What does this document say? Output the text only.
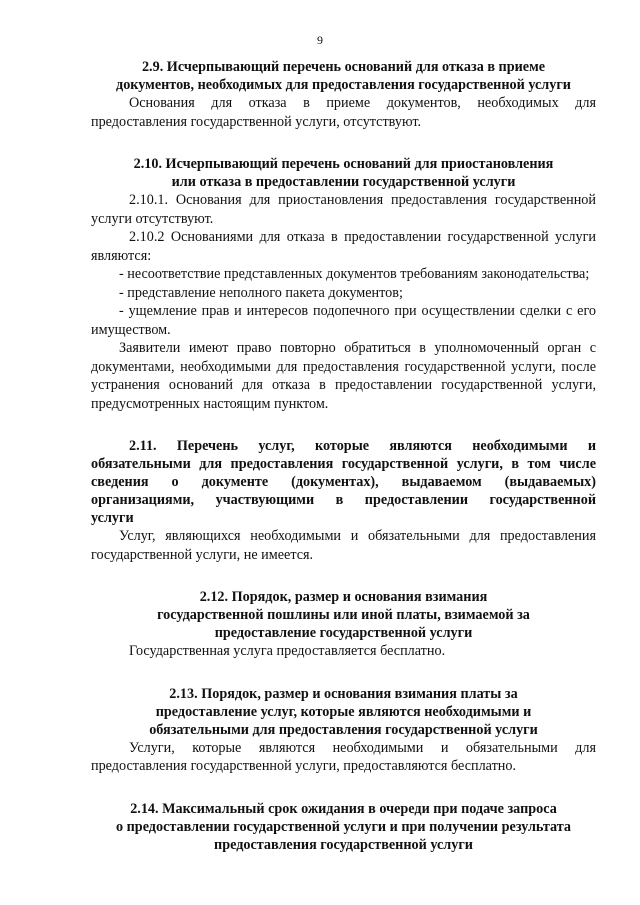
9
2.9. Исчерпывающий перечень оснований для отказа в приеме
документов, необходимых для предоставления государственной услуги

Основания для отказа в приеме документов, необходимых для предоставления государственной услуги, отсутствуют.

2.10. Исчерпывающий перечень оснований для приостановления
или отказа в предоставлении государственной услуги

2.10.1. Основания для приостановления предоставления государственной услуги отсутствуют.

2.10.2 Основаниями для отказа в предоставлении государственной услуги являются:

- несоответствие представленных документов требованиям законодательства;

- представление неполного пакета документов;

- ущемление прав и интересов подопечного при осуществлении сделки с его имуществом.

Заявители имеют право повторно обратиться в уполномоченный орган с документами, необходимыми для предоставления государственной услуги, после устранения оснований для отказа в предоставлении государственной услуги, предусмотренных настоящим пунктом.

2.11. Перечень услуг, которые являются необходимыми и
обязательными для предоставления государственной услуги, в том числе
сведения о документе (документах), выдаваемом (выдаваемых)
организациями, участвующими в предоставлении государственной
услуги

Услуг, являющихся необходимыми и обязательными для предоставления государственной услуги, не имеется.

2.12. Порядок, размер и основания взимания
государственной пошлины или иной платы, взимаемой за
предоставление государственной услуги

Государственная услуга предоставляется бесплатно.

2.13. Порядок, размер и основания взимания платы за
предоставление услуг, которые являются необходимыми и
обязательными для предоставления государственной услуги

Услуги, которые являются необходимыми и обязательными для предоставления государственной услуги, предоставляются бесплатно.

2.14. Максимальный срок ожидания в очереди при подаче запроса
о предоставлении государственной услуги и при получении результата
предоставления государственной услуги
